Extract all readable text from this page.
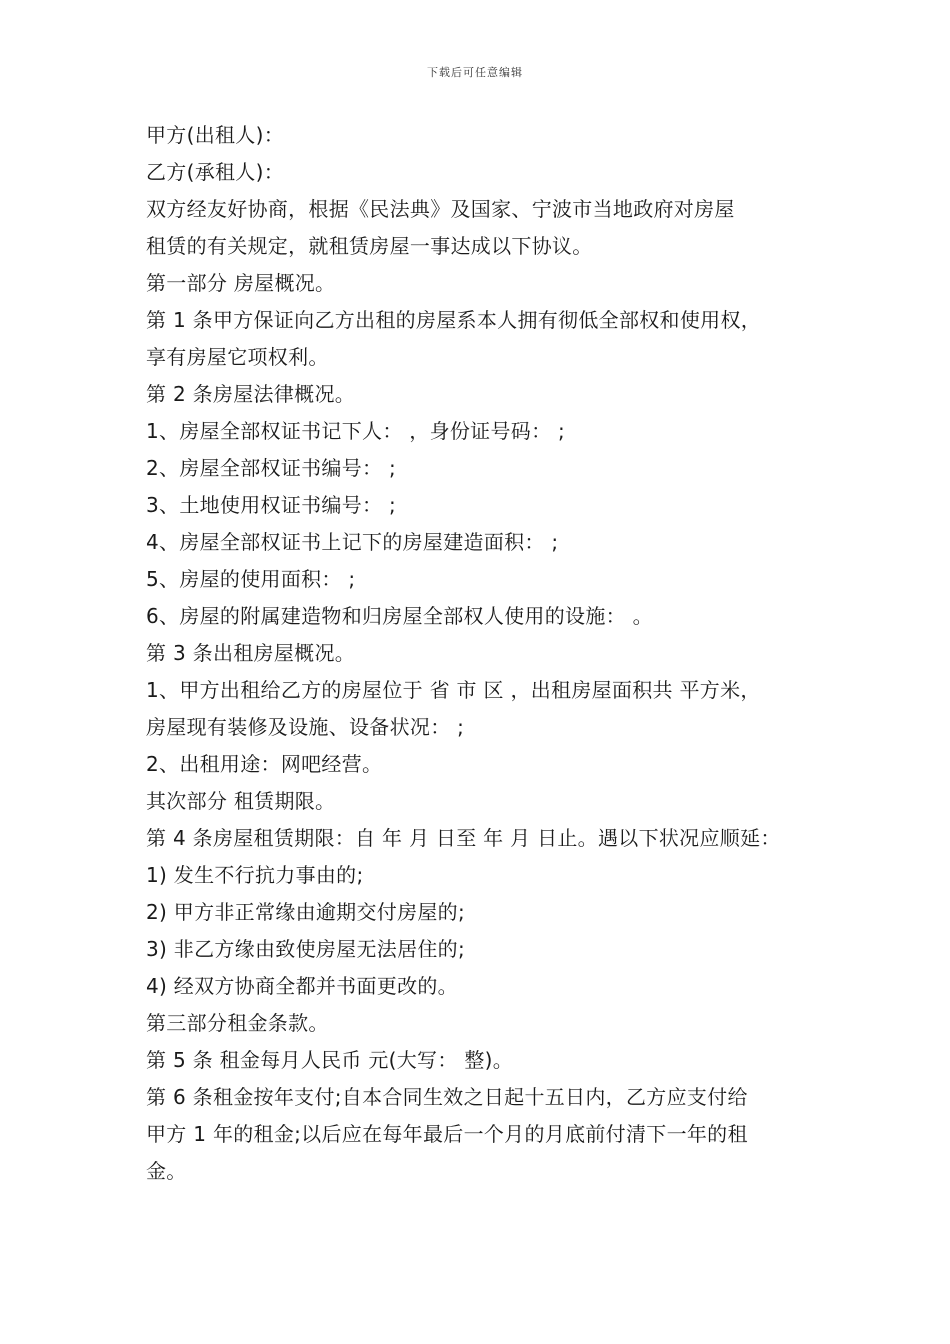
下载后可任意编辑
甲方(出租人)：
乙方(承租人)：
双方经友好协商，根据《民法典》及国家、宁波市当地政府对房屋
租赁的有关规定，就租赁房屋一事达成以下协议。
第一部分 房屋概况。
第 1 条甲方保证向乙方出租的房屋系本人拥有彻低全部权和使用权，
享有房屋它项权利。
第 2 条房屋法律概况。
1、房屋全部权证书记下人： ，身份证号码： ;
2、房屋全部权证书编号： ;
3、土地使用权证书编号： ;
4、房屋全部权证书上记下的房屋建造面积： ;
5、房屋的使用面积： ;
6、房屋的附属建造物和归房屋全部权人使用的设施： 。
第 3 条出租房屋概况。
1、甲方出租给乙方的房屋位于 省 市 区 ，出租房屋面积共 平方米，
房屋现有装修及设施、设备状况： ;
2、出租用途：网吧经营。
其次部分 租赁期限。
第 4 条房屋租赁期限：自 年 月 日至 年 月 日止。遇以下状况应顺延：
1) 发生不行抗力事由的;
2) 甲方非正常缘由逾期交付房屋的;
3) 非乙方缘由致使房屋无法居住的;
4) 经双方协商全都并书面更改的。
第三部分租金条款。
第 5 条 租金每月人民币 元(大写： 整)。
第 6 条租金按年支付;自本合同生效之日起十五日内，乙方应支付给
甲方 1 年的租金;以后应在每年最后一个月的月底前付清下一年的租
金。
